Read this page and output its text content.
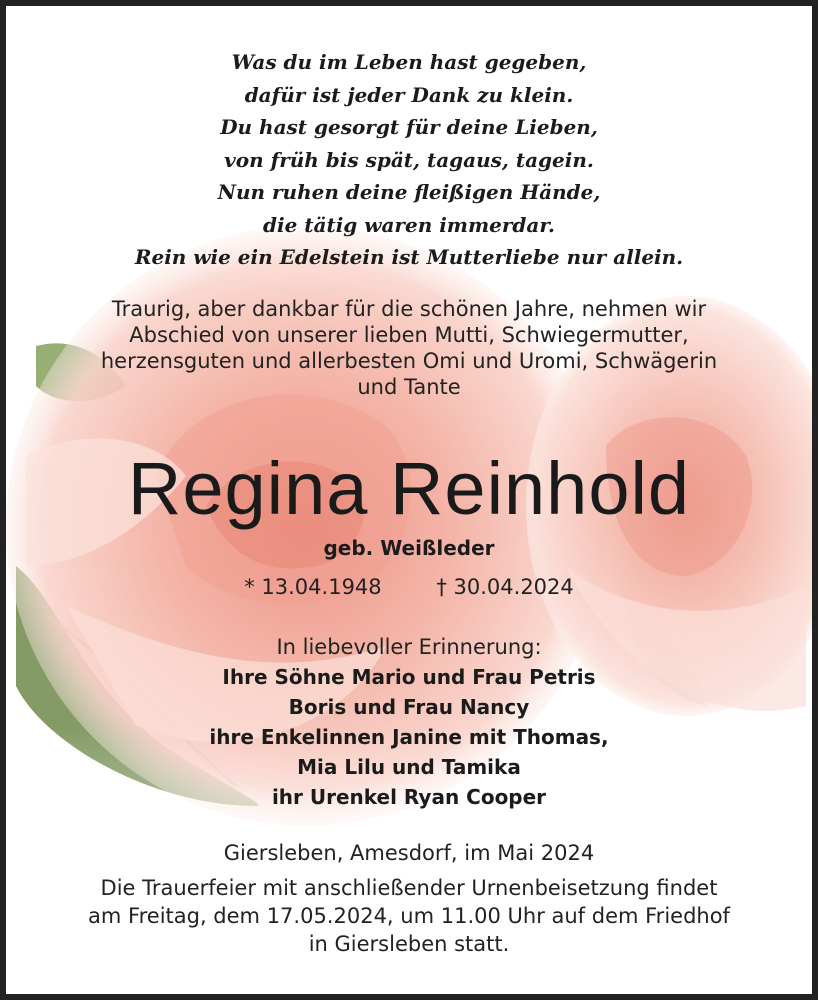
Was du im Leben hast gegeben,
dafür ist jeder Dank zu klein.
Du hast gesorgt für deine Lieben,
von früh bis spät, tagaus, tagein.
Nun ruhen deine fleißigen Hände,
die tätig waren immerdar.
Rein wie ein Edelstein ist Mutterliebe nur allein.
Traurig, aber dankbar für die schönen Jahre, nehmen wir
Abschied von unserer lieben Mutti, Schwiegermutter,
herzensguten und allerbesten Omi und Uromi, Schwägerin
und Tante
Regina Reinhold
geb. Weißleder
* 13.04.1948	† 30.04.2024
In liebevoller Erinnerung:
Ihre Söhne Mario und Frau Petris
Boris und Frau Nancy
ihre Enkelinnen Janine mit Thomas,
Mia Lilu und Tamika
ihr Urenkel Ryan Cooper
Giersleben, Amesdorf, im Mai 2024
Die Trauerfeier mit anschließender Urnenbeisetzung findet
am Freitag, dem 17.05.2024, um 11.00 Uhr auf dem Friedhof
in Giersleben statt.
